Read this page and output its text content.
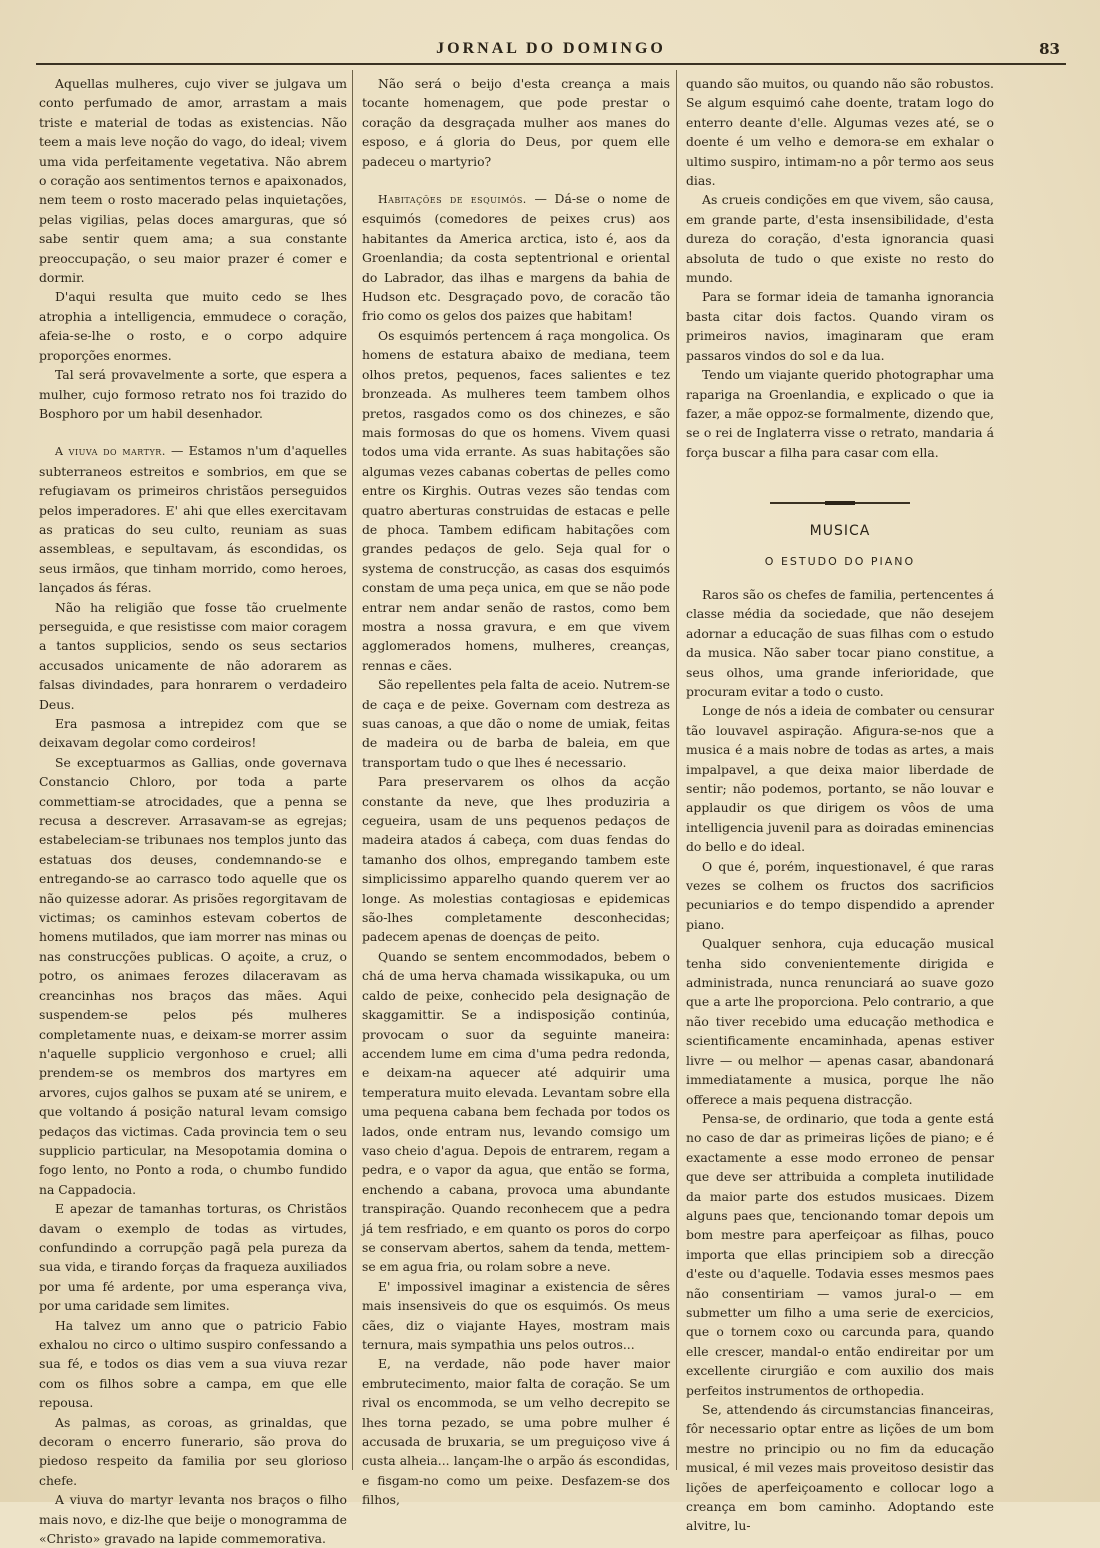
JORNAL DO DOMINGO	83

Aquellas mulheres, cujo viver se julgava um conto perfumado de amor, arrastam a mais triste e material de todas as existencias. Não teem a mais leve noção do vago, do ideal; vivem uma vida perfeitamente vegetativa. Não abrem o coração aos sentimentos ternos e apaixonados, nem teem o rosto macerado pelas inquietações, pelas vigilias, pelas doces amarguras, que só sabe sentir quem ama; a sua constante preoccupação, o seu maior prazer é comer e dormir.

D'aqui resulta que muito cedo se lhes atrophia a intelligencia, emmudece o coração, afeia-se-lhe o rosto, e o corpo adquire proporções enormes.

Tal será provavelmente a sorte, que espera a mulher, cujo formoso retrato nos foi trazido do Bosphoro por um habil desenhador.

A viuva do martyr. — Estamos n'um d'aquelles subterraneos estreitos e sombrios, em que se refugiavam os primeiros christãos perseguidos pelos imperadores. E' ahi que elles exercitavam as praticas do seu culto, reuniam as suas assembleas, e sepultavam, ás escondidas, os seus irmãos, que tinham morrido, como heroes, lançados ás féras.

Não ha religião que fosse tão cruelmente perseguida, e que resistisse com maior coragem a tantos supplicios, sendo os seus sectarios accusados unicamente de não adorarem as falsas divindades, para honrarem o verdadeiro Deus.

Era pasmosa a intrepidez com que se deixavam degolar como cordeiros!

Se exceptuarmos as Gallias, onde governava Constancio Chloro, por toda a parte commettiam-se atrocidades, que a penna se recusa a descrever. Arrasavam-se as egrejas; estabeleciam-se tribunaes nos templos junto das estatuas dos deuses, condemnando-se e entregando-se ao carrasco todo aquelle que os não quizesse adorar. As prisões regorgitavam de victimas; os caminhos estevam cobertos de homens mutilados, que iam morrer nas minas ou nas construcções publicas. O açoite, a cruz, o potro, os animaes ferozes dilaceravam as creancinhas nos braços das mães. Aqui suspendem-se pelos pés mulheres completamente nuas, e deixam-se morrer assim n'aquelle supplicio vergonhoso e cruel; alli prendem-se os membros dos martyres em arvores, cujos galhos se puxam até se unirem, e que voltando á posição natural levam comsigo pedaços das victimas. Cada provincia tem o seu supplicio particular, na Mesopotamia domina o fogo lento, no Ponto a roda, o chumbo fundido na Cappadocia.

E apezar de tamanhas torturas, os Christãos davam o exemplo de todas as virtudes, confundindo a corrupção pagã pela pureza da sua vida, e tirando forças da fraqueza auxiliados por uma fé ardente, por uma esperança viva, por uma caridade sem limites.

Ha talvez um anno que o patricio Fabio exhalou no circo o ultimo suspiro confessando a sua fé, e todos os dias vem a sua viuva rezar com os filhos sobre a campa, em que elle repousa.

As palmas, as coroas, as grinaldas, que decoram o encerro funerario, são prova do piedoso respeito da familia por seu glorioso chefe.

A viuva do martyr levanta nos braços o filho mais novo, e diz-lhe que beije o monogramma de «Christo» gravado na lapide commemorativa.

Não será o beijo d'esta creança a mais tocante homenagem, que pode prestar o coração da desgraçada mulher aos manes do esposo, e á gloria do Deus, por quem elle padeceu o martyrio?

Habitações de esquimós. — Dá-se o nome de esquimós (comedores de peixes crus) aos habitantes da America arctica, isto é, aos da Groenlandia; da costa septentrional e oriental do Labrador, das ilhas e margens da bahia de Hudson etc. Desgraçado povo, de coracão tão frio como os gelos dos paizes que habitam!

Os esquimós pertencem á raça mongolica. Os homens de estatura abaixo de mediana, teem olhos pretos, pequenos, faces salientes e tez bronzeada. As mulheres teem tambem olhos pretos, rasgados como os dos chinezes, e são mais formosas do que os homens. Vivem quasi todos uma vida errante. As suas habitações são algumas vezes cabanas cobertas de pelles como entre os Kirghis. Outras vezes são tendas com quatro aberturas construidas de estacas e pelle de phoca. Tambem edificam habitações com grandes pedaços de gelo. Seja qual for o systema de construcção, as casas dos esquimós constam de uma peça unica, em que se não pode entrar nem andar senão de rastos, como bem mostra a nossa gravura, e em que vivem agglomerados homens, mulheres, creanças, rennas e cães.

São repellentes pela falta de aceio. Nutrem-se de caça e de peixe. Governam com destreza as suas canoas, a que dão o nome de umiak, feitas de madeira ou de barba de baleia, em que transportam tudo o que lhes é necessario.

Para preservarem os olhos da acção constante da neve, que lhes produziria a cegueira, usam de uns pequenos pedaços de madeira atados á cabeça, com duas fendas do tamanho dos olhos, empregando tambem este simplicissimo apparelho quando querem ver ao longe. As molestias contagiosas e epidemicas são-lhes completamente desconhecidas; padecem apenas de doenças de peito.

Quando se sentem encommodados, bebem o chá de uma herva chamada wissikapuka, ou um caldo de peixe, conhecido pela designação de skaggamittir. Se a indisposição continúa, provocam o suor da seguinte maneira: accendem lume em cima d'uma pedra redonda, e deixam-na aquecer até adquirir uma temperatura muito elevada. Levantam sobre ella uma pequena cabana bem fechada por todos os lados, onde entram nus, levando comsigo um vaso cheio d'agua. Depois de entrarem, regam a pedra, e o vapor da agua, que então se forma, enchendo a cabana, provoca uma abundante transpiração. Quando reconhecem que a pedra já tem resfriado, e em quanto os poros do corpo se conservam abertos, sahem da tenda, mettem-se em agua fria, ou rolam sobre a neve.

E' impossivel imaginar a existencia de sêres mais insensiveis do que os esquimós. Os meus cães, diz o viajante Hayes, mostram mais ternura, mais sympathia uns pelos outros...

E, na verdade, não pode haver maior embrutecimento, maior falta de coração. Se um rival os encommoda, se um velho decrepito se lhes torna pezado, se uma pobre mulher é accusada de bruxaria, se um preguiçoso vive á custa alheia... lançam-lhe o arpão ás escondidas, e fisgam-no como um peixe. Desfazem-se dos filhos,

quando são muitos, ou quando não são robustos. Se algum esquimó cahe doente, tratam logo do enterro deante d'elle. Algumas vezes até, se o doente é um velho e demora-se em exhalar o ultimo suspiro, intimam-no a pôr termo aos seus dias.

As crueis condições em que vivem, são causa, em grande parte, d'esta insensibilidade, d'esta dureza do coração, d'esta ignorancia quasi absoluta de tudo o que existe no resto do mundo.

Para se formar ideia de tamanha ignorancia basta citar dois factos. Quando viram os primeiros navios, imaginaram que eram passaros vindos do sol e da lua.

Tendo um viajante querido photographar uma rapariga na Groenlandia, e explicado o que ia fazer, a mãe oppoz-se formalmente, dizendo que, se o rei de Inglaterra visse o retrato, mandaria á força buscar a filha para casar com ella.

MUSICA
O ESTUDO DO PIANO

Raros são os chefes de familia, pertencentes á classe média da sociedade, que não desejem adornar a educação de suas filhas com o estudo da musica. Não saber tocar piano constitue, a seus olhos, uma grande inferioridade, que procuram evitar a todo o custo.

Longe de nós a ideia de combater ou censurar tão louvavel aspiração. Afigura-se-nos que a musica é a mais nobre de todas as artes, a mais impalpavel, a que deixa maior liberdade de sentir; não podemos, portanto, se não louvar e applaudir os que dirigem os vôos de uma intelligencia juvenil para as doiradas eminencias do bello e do ideal.

O que é, porém, inquestionavel, é que raras vezes se colhem os fructos dos sacrificios pecuniarios e do tempo dispendido a aprender piano.

Qualquer senhora, cuja educação musical tenha sido convenientemente dirigida e administrada, nunca renunciará ao suave gozo que a arte lhe proporciona. Pelo contrario, a que não tiver recebido uma educação methodica e scientificamente encaminhada, apenas estiver livre — ou melhor — apenas casar, abandonará immediatamente a musica, porque lhe não offerece a mais pequena distracção.

Pensa-se, de ordinario, que toda a gente está no caso de dar as primeiras lições de piano; e é exactamente a esse modo erroneo de pensar que deve ser attribuida a completa inutilidade da maior parte dos estudos musicaes. Dizem alguns paes que, tencionando tomar depois um bom mestre para aperfeiçoar as filhas, pouco importa que ellas principiem sob a direcção d'este ou d'aquelle. Todavia esses mesmos paes não consentiriam — vamos jural-o — em submetter um filho a uma serie de exercicios, que o tornem coxo ou carcunda para, quando elle crescer, mandal-o então endireitar por um excellente cirurgião e com auxilio dos mais perfeitos instrumentos de orthopedia.

Se, attendendo ás circumstancias financeiras, fôr necessario optar entre as lições de um bom mestre no principio ou no fim da educação musical, é mil vezes mais proveitoso desistir das lições de aperfeiçoamento e collocar logo a creança em bom caminho. Adoptando este alvitre, lu-
